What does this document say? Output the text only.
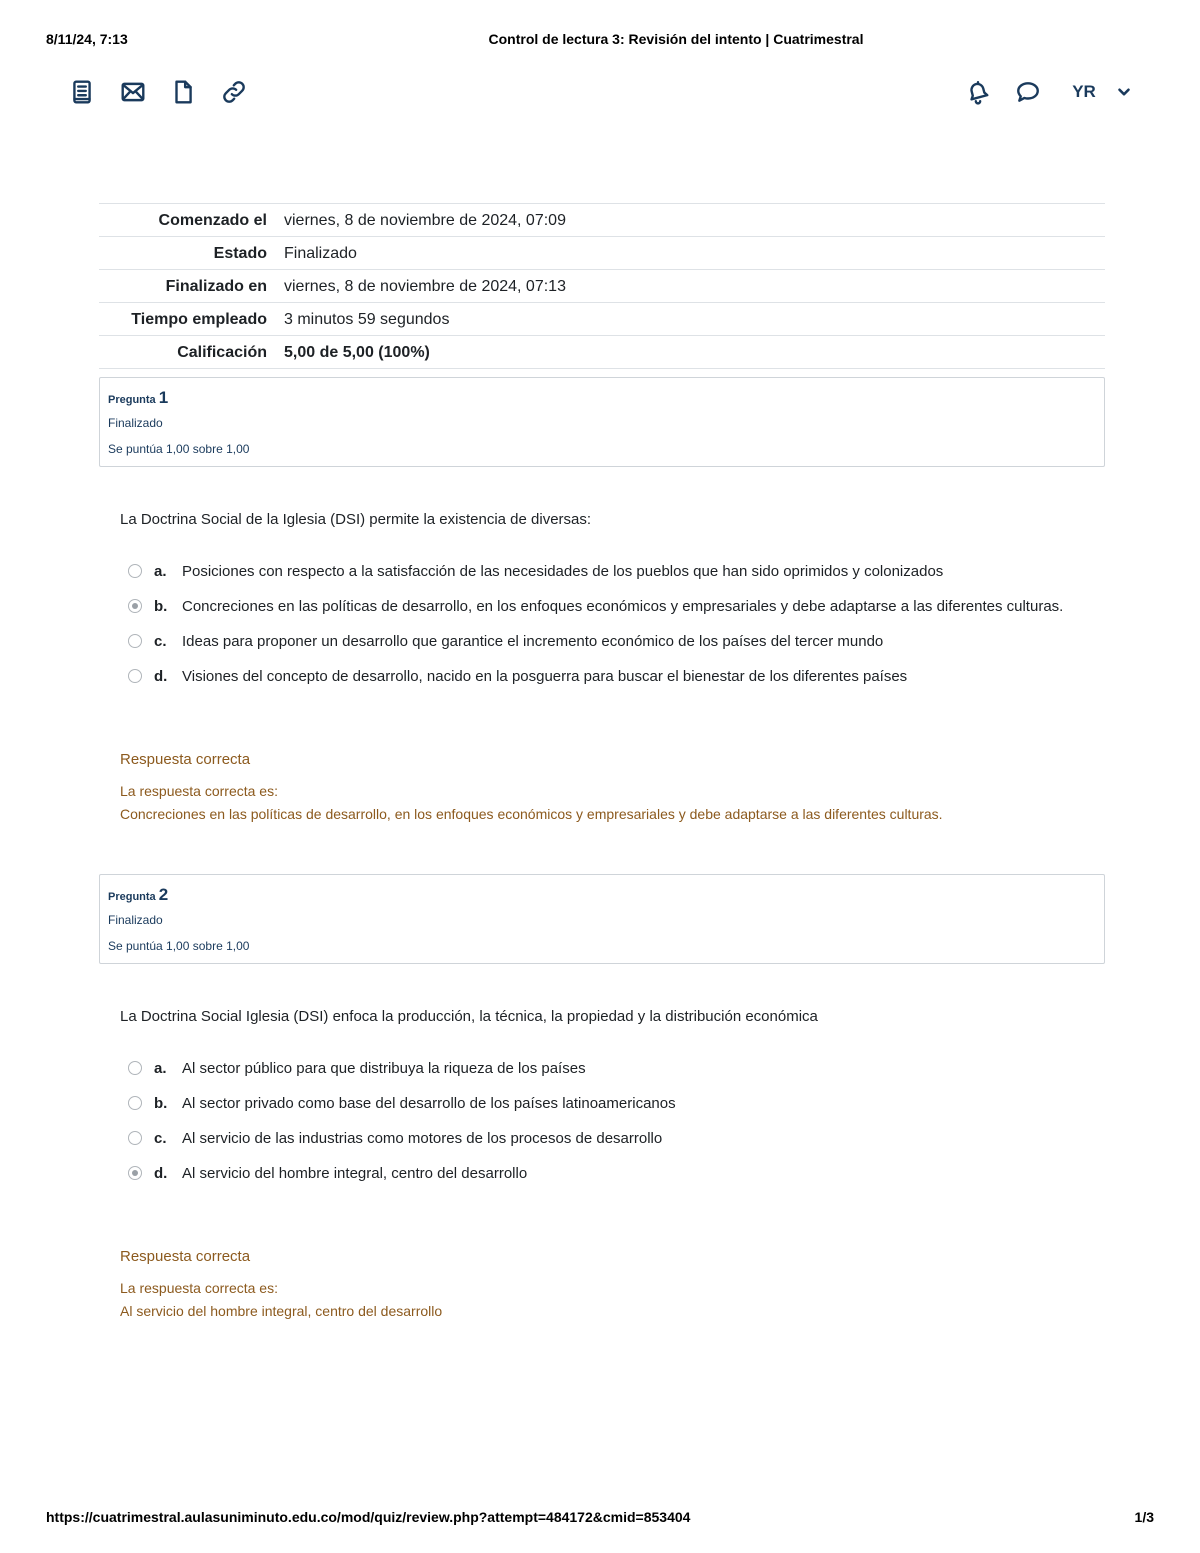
8/11/24, 7:13	Control de lectura 3: Revisión del intento | Cuatrimestral
YR
Comenzado el	viernes, 8 de noviembre de 2024, 07:09
Estado	Finalizado
Finalizado en	viernes, 8 de noviembre de 2024, 07:13
Tiempo empleado	3 minutos 59 segundos
Calificación	5,00 de 5,00 (100%)
Pregunta 1
Finalizado
Se puntúa 1,00 sobre 1,00
La Doctrina Social de la Iglesia (DSI) permite la existencia de diversas:
a.	Posiciones con respecto a la satisfacción de las necesidades de los pueblos que han sido oprimidos y colonizados
b. Concreciones en las políticas de desarrollo, en los enfoques económicos y empresariales y debe adaptarse a las diferentes culturas.
c.	Ideas para proponer un desarrollo que garantice el incremento económico de los países del tercer mundo
d. Visiones del concepto de desarrollo, nacido en la posguerra para buscar el bienestar de los diferentes países
Respuesta correcta
La respuesta correcta es:
Concreciones en las políticas de desarrollo, en los enfoques económicos y empresariales y debe adaptarse a las diferentes culturas.
Pregunta 2
Finalizado
Se puntúa 1,00 sobre 1,00
La Doctrina Social Iglesia (DSI) enfoca la producción, la técnica, la propiedad y la distribución económica
a.	Al sector público para que distribuya la riqueza de los países
b. Al sector privado como base del desarrollo de los países latinoamericanos
c.	Al servicio de las industrias como motores de los procesos de desarrollo
d. Al servicio del hombre integral, centro del desarrollo
Respuesta correcta
La respuesta correcta es:
Al servicio del hombre integral, centro del desarrollo
https://cuatrimestral.aulasuniminuto.edu.co/mod/quiz/review.php?attempt=484172&cmid=853404	1/3
